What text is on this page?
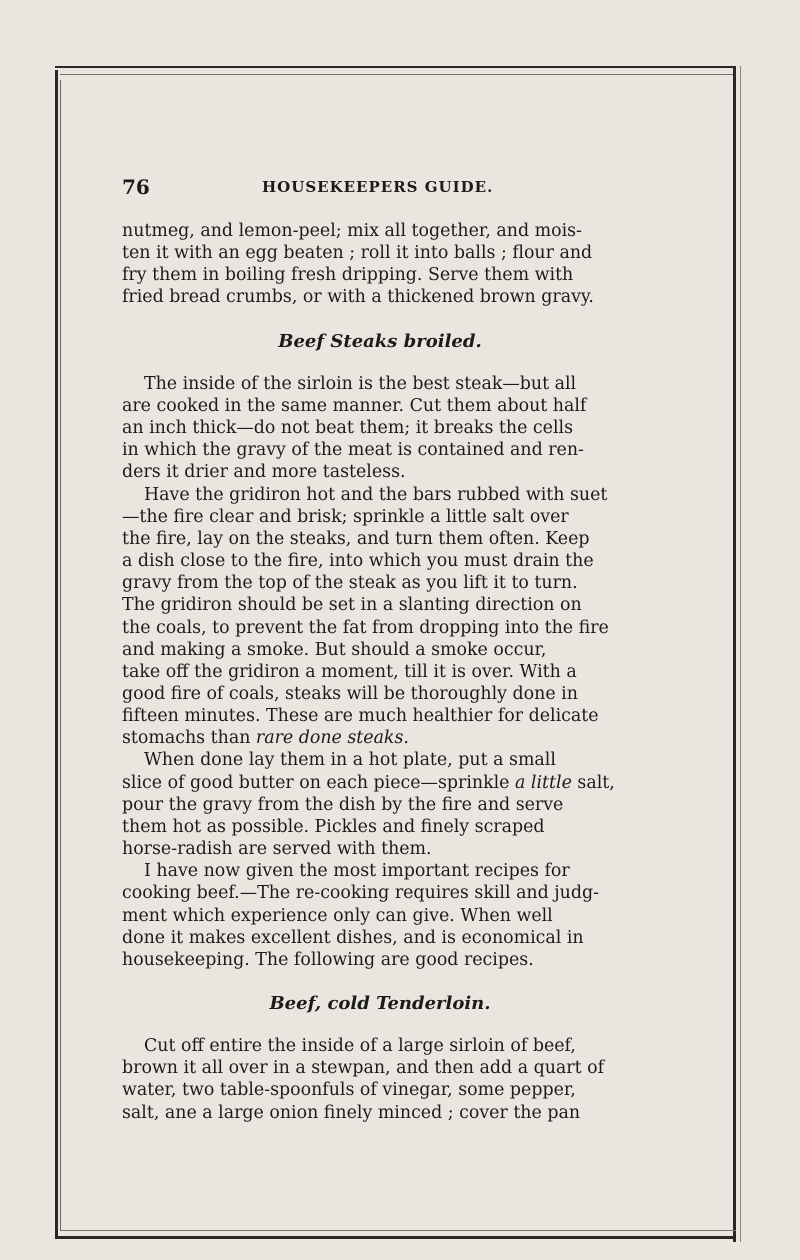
76	HOUSEKEEPERS GUIDE.
nutmeg, and lemon-peel; mix all together, and mois-
ten it with an egg beaten ; roll it into balls ; flour and
fry them in boiling fresh dripping. Serve them with
fried bread crumbs, or with a thickened brown gravy.
Beef Steaks broiled.
The inside of the sirloin is the best steak—but all
are cooked in the same manner. Cut them about half
an inch thick—do not beat them; it breaks the cells
in which the gravy of the meat is contained and ren-
ders it drier and more tasteless.
Have the gridiron hot and the bars rubbed with suet
—the fire clear and brisk; sprinkle a little salt over
the fire, lay on the steaks, and turn them often. Keep
a dish close to the fire, into which you must drain the
gravy from the top of the steak as you lift it to turn.
The gridiron should be set in a slanting direction on
the coals, to prevent the fat from dropping into the fire
and making a smoke. But should a smoke occur,
take off the gridiron a moment, till it is over. With a
good fire of coals, steaks will be thoroughly done in
fifteen minutes. These are much healthier for delicate
stomachs than rare done steaks.
When done lay them in a hot plate, put a small
slice of good butter on each piece—sprinkle a little salt,
pour the gravy from the dish by the fire and serve
them hot as possible. Pickles and finely scraped
horse-radish are served with them.
I have now given the most important recipes for
cooking beef.—The re-cooking requires skill and judg-
ment which experience only can give. When well
done it makes excellent dishes, and is economical in
housekeeping. The following are good recipes.
Beef, cold Tenderloin.
Cut off entire the inside of a large sirloin of beef,
brown it all over in a stewpan, and then add a quart of
water, two table-spoonfuls of vinegar, some pepper,
salt, ane a large onion finely minced ; cover the pan
